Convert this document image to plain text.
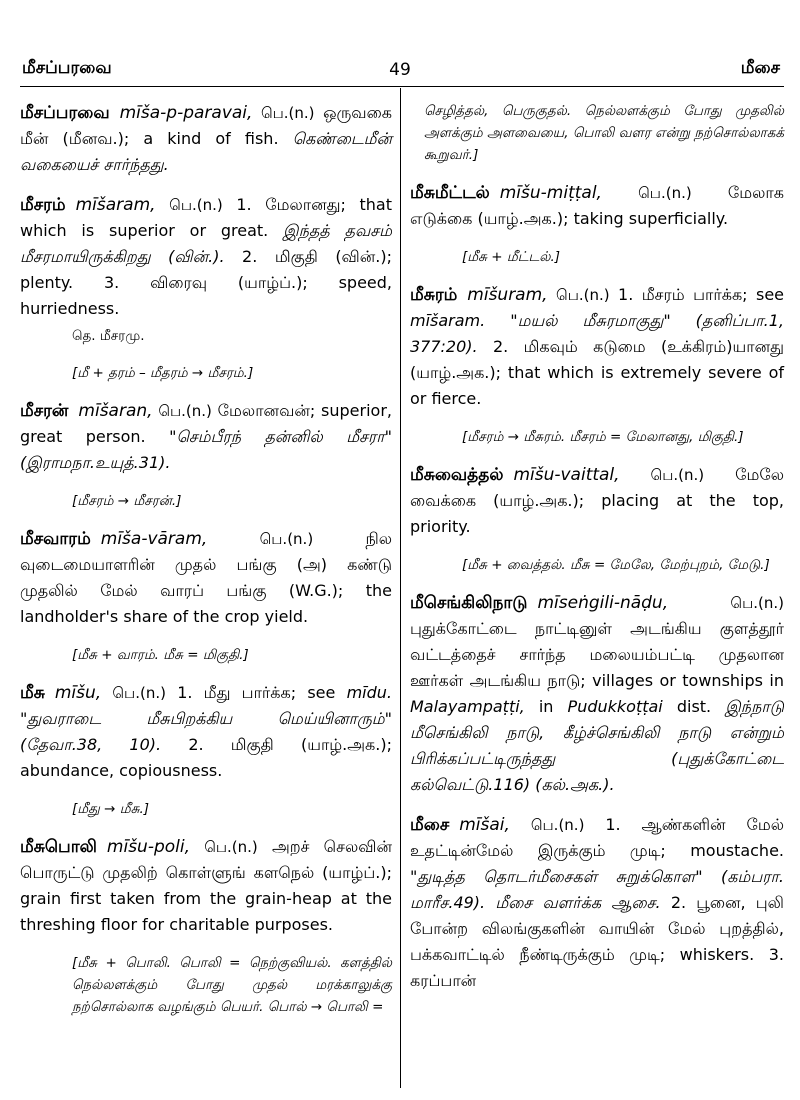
மீசப்பரவை	49	மீசை
மீசப்பரவை mīša-p-paravai, பெ.(n.) ஒருவகை மீன் (மீனவ.); a kind of fish. கெண்டைமீன் வகையைச் சார்ந்தது.
மீசரம் mīšaram, பெ.(n.) 1. மேலானது; that which is superior or great. இந்தத் தவசம் மீசரமாயிருக்கிறது (வின்.). 2. மிகுதி (வின்.); plenty. 3. விரைவு (யாழ்ப்.); speed, hurriedness.
தெ. மீசரமு.
[மீ + தரம் – மீதரம் → மீசரம்.]
மீசரன் mīšaran, பெ.(n.) மேலானவன்; superior, great person. "செம்பீரந் தன்னில் மீசரா" (இராமநா.உயுத்.31).
[மீசரம் → மீசரன்.]
மீசவாரம் mīša-vāram,	பெ.(n.)	நில வுடைமையாளரின் முதல் பங்கு (அ) கண்டு முதலில் மேல் வாரப் பங்கு (W.G.); the landholder's share of the crop yield.
[மீசு + வாரம். மீசு = மிகுதி.]
மீசு mīšu, பெ.(n.) 1. மீது பார்க்க; see mīdu. "துவராடை மீசுபிறக்கிய மெய்யினாரும்" (தேவா.38, 10). 2. மிகுதி (யாழ்.அக.); abundance, copiousness.
[மீது → மீசு.]
மீசுபொலி mīšu-poli, பெ.(n.) அறச் செலவின் பொருட்டு முதலிற் கொள்ளுங் களநெல் (யாழ்ப்.); grain first taken from the grain-heap at the threshing floor for charitable purposes.
[மீசு + பொலி. பொலி = நெற்குவியல். களத்தில் நெல்லளக்கும் போது முதல் மரக்காலுக்கு நற்சொல்லாக வழங்கும் பெயர். பொல் → பொலி =
செழித்தல், பெருகுதல். நெல்லளக்கும் போது முதலில் அளக்கும் அளவையை, பொலி வளர என்று நற்சொல்லாகக் கூறுவர்.]
மீசுமீட்டல் mīšu-miṭṭal, பெ.(n.) மேலாக எடுக்கை (யாழ்.அக.); taking superficially.
[மீசு + மீட்டல்.]
மீசுரம் mīšuram, பெ.(n.) 1. மீசரம் பார்க்க; see mīšaram. "மயல் மீசுரமாகுது" (தனிப்பா.1, 377:20). 2. மிகவும் கடுமை (உக்கிரம்)யானது (யாழ்.அக.); that which is extremely severe of or fierce.
[மீசரம் → மீசுரம். மீசரம் = மேலானது, மிகுதி.]
மீசுவைத்தல் mīšu-vaittal, பெ.(n.) மேலே வைக்கை (யாழ்.அக.); placing at the top, priority.
[மீசு + வைத்தல். மீசு = மேலே, மேற்புறம், மேடு.]
மீசெங்கிலிநாடு mīseṅgili-nāḍu,	பெ.(n.) புதுக்கோட்டை நாட்டினுள் அடங்கிய குளத்தூர் வட்டத்தைச் சார்ந்த மலையம்பட்டி முதலான ஊர்கள் அடங்கிய நாடு; villages or townships in Malayampaṭṭi, in Pudukkoṭṭai dist. இந்நாடு மீசெங்கிலி நாடு, கீழ்ச்செங்கிலி நாடு என்றும் பிரிக்கப்பட்டிருந்தது (புதுக்கோட்டை கல்வெட்டு.116) (கல்.அக.).
மீசை mīšai, பெ.(n.) 1. ஆண்களின் மேல் உதட்டின்மேல் இருக்கும் முடி; moustache. "துடித்த தொடர்மீசைகள் சுறுக்கொள" (கம்பரா. மாரீச.49). மீசை வளர்க்க ஆசை. 2. பூனை, புலி போன்ற விலங்குகளின் வாயின் மேல் புறத்தில், பக்கவாட்டில் நீண்டிருக்கும் முடி; whiskers. 3. கரப்பான்
